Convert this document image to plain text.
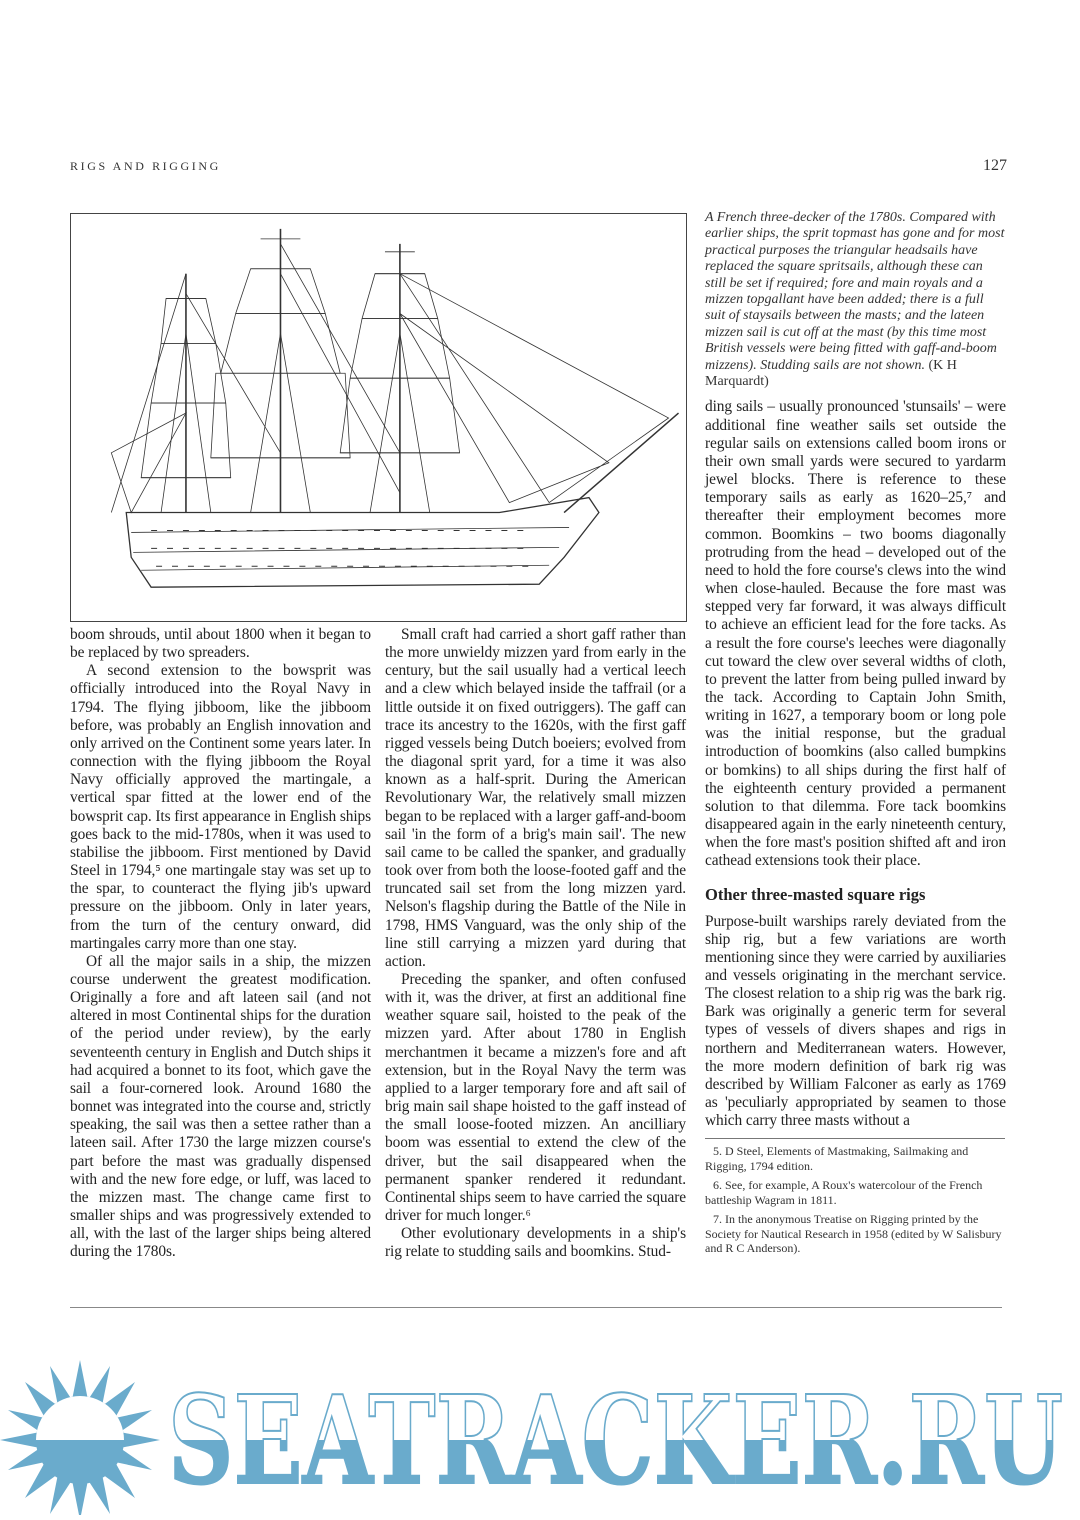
RIGS AND RIGGING	127

boom shrouds, until about 1800 when it began to be replaced by two spreaders.

A second extension to the bowsprit was officially introduced into the Royal Navy in 1794. The flying jibboom, like the jibboom before, was probably an English innovation and only arrived on the Continent some years later. In connection with the flying jibboom the Royal Navy officially approved the martingale, a vertical spar fitted at the lower end of the bowsprit cap. Its first appearance in English ships goes back to the mid-1780s, when it was used to stabilise the jibboom. First mentioned by David Steel in 1794,⁵ one martingale stay was set up to the spar, to counteract the flying jib's upward pressure on the jibboom. Only in later years, from the turn of the century onward, did martingales carry more than one stay.

Of all the major sails in a ship, the mizzen course underwent the greatest modification. Originally a fore and aft lateen sail (and not altered in most Continental ships for the duration of the period under review), by the early seventeenth century in English and Dutch ships it had acquired a bonnet to its foot, which gave the sail a four-cornered look. Around 1680 the bonnet was integrated into the course and, strictly speaking, the sail was then a settee rather than a lateen sail. After 1730 the large mizzen course's part before the mast was gradually dispensed with and the new fore edge, or luff, was laced to the mizzen mast. The change came first to smaller ships and was progressively extended to all, with the last of the larger ships being altered during the 1780s.

Small craft had carried a short gaff rather than the more unwieldy mizzen yard from early in the century, but the sail usually had a vertical leech and a clew which belayed inside the taffrail (or a little outside it on fixed outriggers). The gaff can trace its ancestry to the 1620s, with the first gaff rigged vessels being Dutch boeiers; evolved from the diagonal sprit yard, for a time it was also known as a half-sprit. During the American Revolutionary War, the relatively small mizzen began to be replaced with a larger gaff-and-boom sail 'in the form of a brig's main sail'. The new sail came to be called the spanker, and gradually took over from both the loose-footed gaff and the truncated sail set from the long mizzen yard. Nelson's flagship during the Battle of the Nile in 1798, HMS Vanguard, was the only ship of the line still carrying a mizzen yard during that action.

Preceding the spanker, and often confused with it, was the driver, at first an additional fine weather square sail, hoisted to the peak of the mizzen yard. After about 1780 in English merchantmen it became a mizzen's fore and aft extension, but in the Royal Navy the term was applied to a larger temporary fore and aft sail of brig main sail shape hoisted to the gaff instead of the small loose-footed mizzen. An ancilliary boom was essential to extend the clew of the driver, but the sail disappeared when the permanent spanker rendered it redundant. Continental ships seem to have carried the square driver for much longer.⁶

Other evolutionary developments in a ship's rig relate to studding sails and boomkins. Stud-

A French three-decker of the 1780s. Compared with earlier ships, the sprit topmast has gone and for most practical purposes the triangular headsails have replaced the square spritsails, although these can still be set if required; fore and main royals and a mizzen topgallant have been added; there is a full suit of staysails between the masts; and the lateen mizzen sail is cut off at the mast (by this time most British vessels were being fitted with gaff-and-boom mizzens). Studding sails are not shown. (K H Marquardt)

ding sails – usually pronounced 'stunsails' – were additional fine weather sails set outside the regular sails on extensions called boom irons or their own small yards were secured to yardarm jewel blocks. There is reference to these temporary sails as early as 1620–25,⁷ and thereafter their employment becomes more common. Boomkins – two booms diagonally protruding from the head – developed out of the need to hold the fore course's clews into the wind when close-hauled. Because the fore mast was stepped very far forward, it was always difficult to achieve an efficient lead for the fore tacks. As a result the fore course's leeches were diagonally cut toward the clew over several widths of cloth, to prevent the latter from being pulled inward by the tack. According to Captain John Smith, writing in 1627, a temporary boom or long pole was the initial response, but the gradual introduction of boomkins (also called bumpkins or bomkins) to all ships during the first half of the eighteenth century provided a permanent solution to that dilemma. Fore tack boomkins disappeared again in the early nineteenth century, when the fore mast's position shifted aft and iron cathead extensions took their place.

Other three-masted square rigs

Purpose-built warships rarely deviated from the ship rig, but a few variations are worth mentioning since they were carried by auxiliaries and vessels originating in the merchant service. The closest relation to a ship rig was the bark rig. Bark was originally a generic term for several types of vessels of divers shapes and rigs in northern and Mediterranean waters. However, the more modern definition of bark rig was described by William Falconer as early as 1769 as 'peculiarly appropriated by seamen to those which carry three masts without a

5. D Steel, Elements of Mastmaking, Sailmaking and Rigging, 1794 edition.

6. See, for example, A Roux's watercolour of the French battleship Wagram in 1811.

7. In the anonymous Treatise on Rigging printed by the Society for Nautical Research in 1958 (edited by W Salisbury and R C Anderson).

SEATRACKER.RU
